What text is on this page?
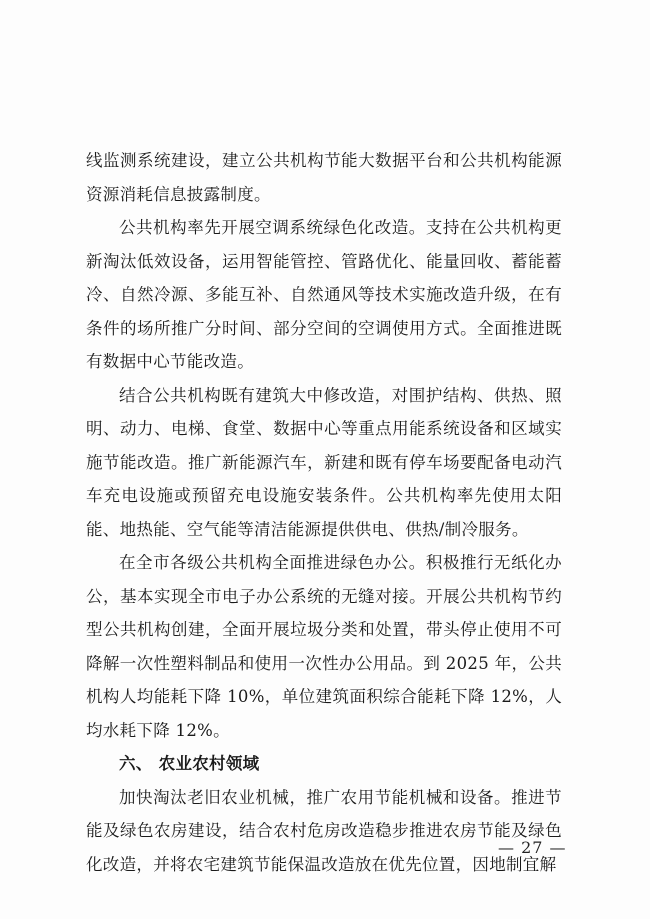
线监测系统建设，建立公共机构节能大数据平台和公共机构能源资源消耗信息披露制度。

公共机构率先开展空调系统绿色化改造。支持在公共机构更新淘汰低效设备，运用智能管控、管路优化、能量回收、蓄能蓄冷、自然冷源、多能互补、自然通风等技术实施改造升级，在有条件的场所推广分时间、部分空间的空调使用方式。全面推进既有数据中心节能改造。

结合公共机构既有建筑大中修改造，对围护结构、供热、照明、动力、电梯、食堂、数据中心等重点用能系统设备和区域实施节能改造。推广新能源汽车，新建和既有停车场要配备电动汽车充电设施或预留充电设施安装条件。公共机构率先使用太阳能、地热能、空气能等清洁能源提供供电、供热/制冷服务。

在全市各级公共机构全面推进绿色办公。积极推行无纸化办公，基本实现全市电子办公系统的无缝对接。开展公共机构节约型公共机构创建，全面开展垃圾分类和处置，带头停止使用不可降解一次性塑料制品和使用一次性办公用品。到 2025 年，公共机构人均能耗下降 10%，单位建筑面积综合能耗下降 12%，人均水耗下降 12%。

六、 农业农村领域

加快淘汰老旧农业机械，推广农用节能机械和设备。推进节能及绿色农房建设，结合农村危房改造稳步推进农房节能及绿色化改造，并将农宅建筑节能保温改造放在优先位置，因地制宜解

— 27 —
